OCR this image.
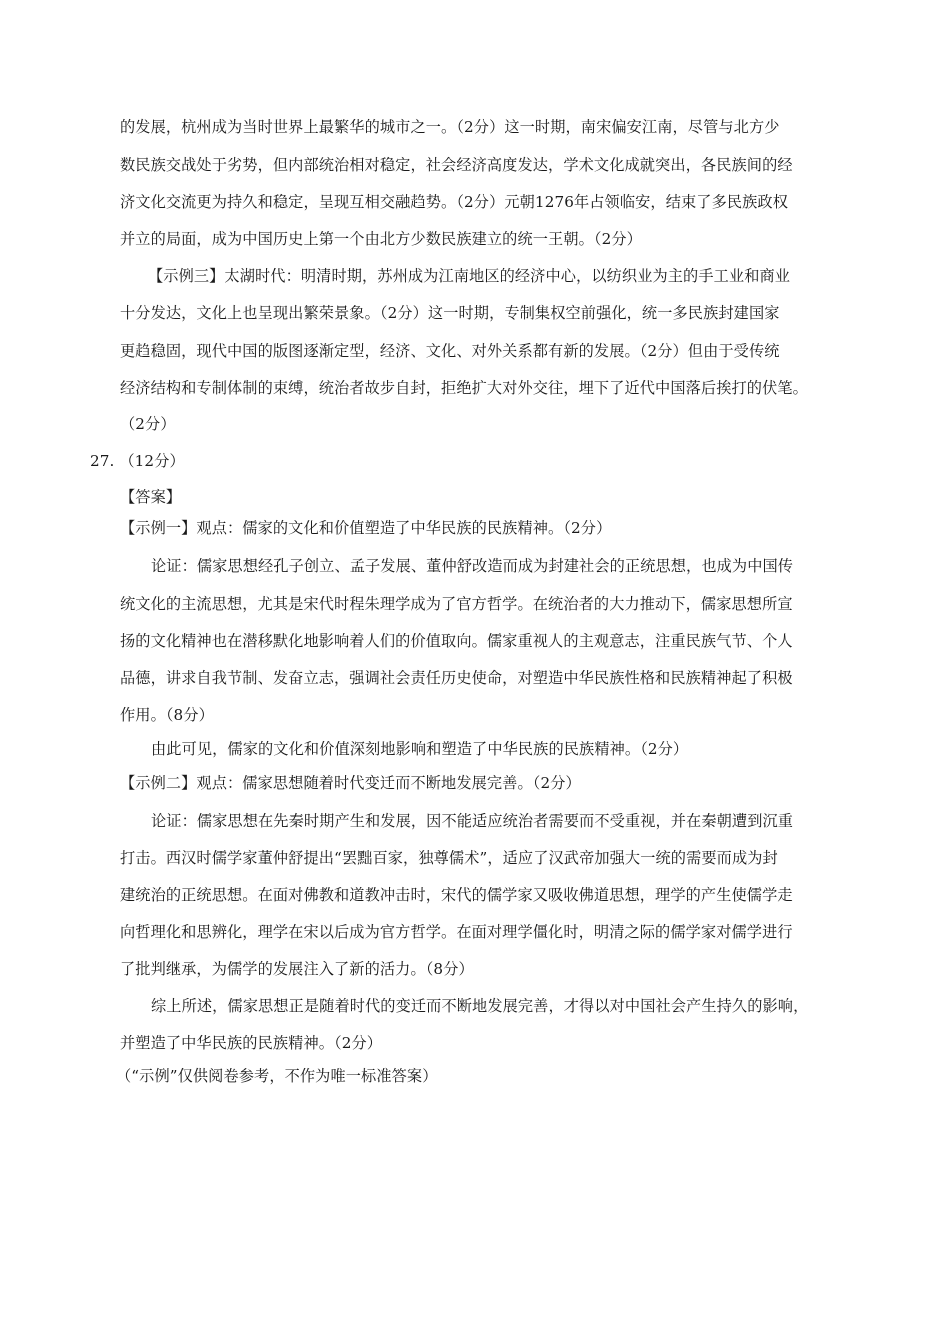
的发展，杭州成为当时世界上最繁华的城市之一。（2分）这一时期，南宋偏安江南，尽管与北方少
数民族交战处于劣势，但内部统治相对稳定，社会经济高度发达，学术文化成就突出，各民族间的经
济文化交流更为持久和稳定，呈现互相交融趋势。（2分）元朝1276年占领临安，结束了多民族政权
并立的局面，成为中国历史上第一个由北方少数民族建立的统一王朝。（2分）
【示例三】太湖时代：明清时期，苏州成为江南地区的经济中心，以纺织业为主的手工业和商业
十分发达，文化上也呈现出繁荣景象。（2分）这一时期，专制集权空前强化，统一多民族封建国家
更趋稳固，现代中国的版图逐渐定型，经济、文化、对外关系都有新的发展。（2分）但由于受传统
经济结构和专制体制的束缚，统治者故步自封，拒绝扩大对外交往，埋下了近代中国落后挨打的伏笔。
（2分）
27. （12分）
【答案】
【示例一】观点：儒家的文化和价值塑造了中华民族的民族精神。（2分）
论证：儒家思想经孔子创立、孟子发展、董仲舒改造而成为封建社会的正统思想，也成为中国传
统文化的主流思想，尤其是宋代时程朱理学成为了官方哲学。在统治者的大力推动下，儒家思想所宣
扬的文化精神也在潜移默化地影响着人们的价值取向。儒家重视人的主观意志，注重民族气节、个人
品德，讲求自我节制、发奋立志，强调社会责任历史使命，对塑造中华民族性格和民族精神起了积极
作用。（8分）
由此可见，儒家的文化和价值深刻地影响和塑造了中华民族的民族精神。（2分）
【示例二】观点：儒家思想随着时代变迁而不断地发展完善。（2分）
论证：儒家思想在先秦时期产生和发展，因不能适应统治者需要而不受重视，并在秦朝遭到沉重
打击。西汉时儒学家董仲舒提出“罢黜百家，独尊儒术”，适应了汉武帝加强大一统的需要而成为封
建统治的正统思想。在面对佛教和道教冲击时，宋代的儒学家又吸收佛道思想，理学的产生使儒学走
向哲理化和思辨化，理学在宋以后成为官方哲学。在面对理学僵化时，明清之际的儒学家对儒学进行
了批判继承，为儒学的发展注入了新的活力。（8分）
综上所述，儒家思想正是随着时代的变迁而不断地发展完善，才得以对中国社会产生持久的影响，
并塑造了中华民族的民族精神。（2分）
（“示例”仅供阅卷参考，不作为唯一标准答案）
